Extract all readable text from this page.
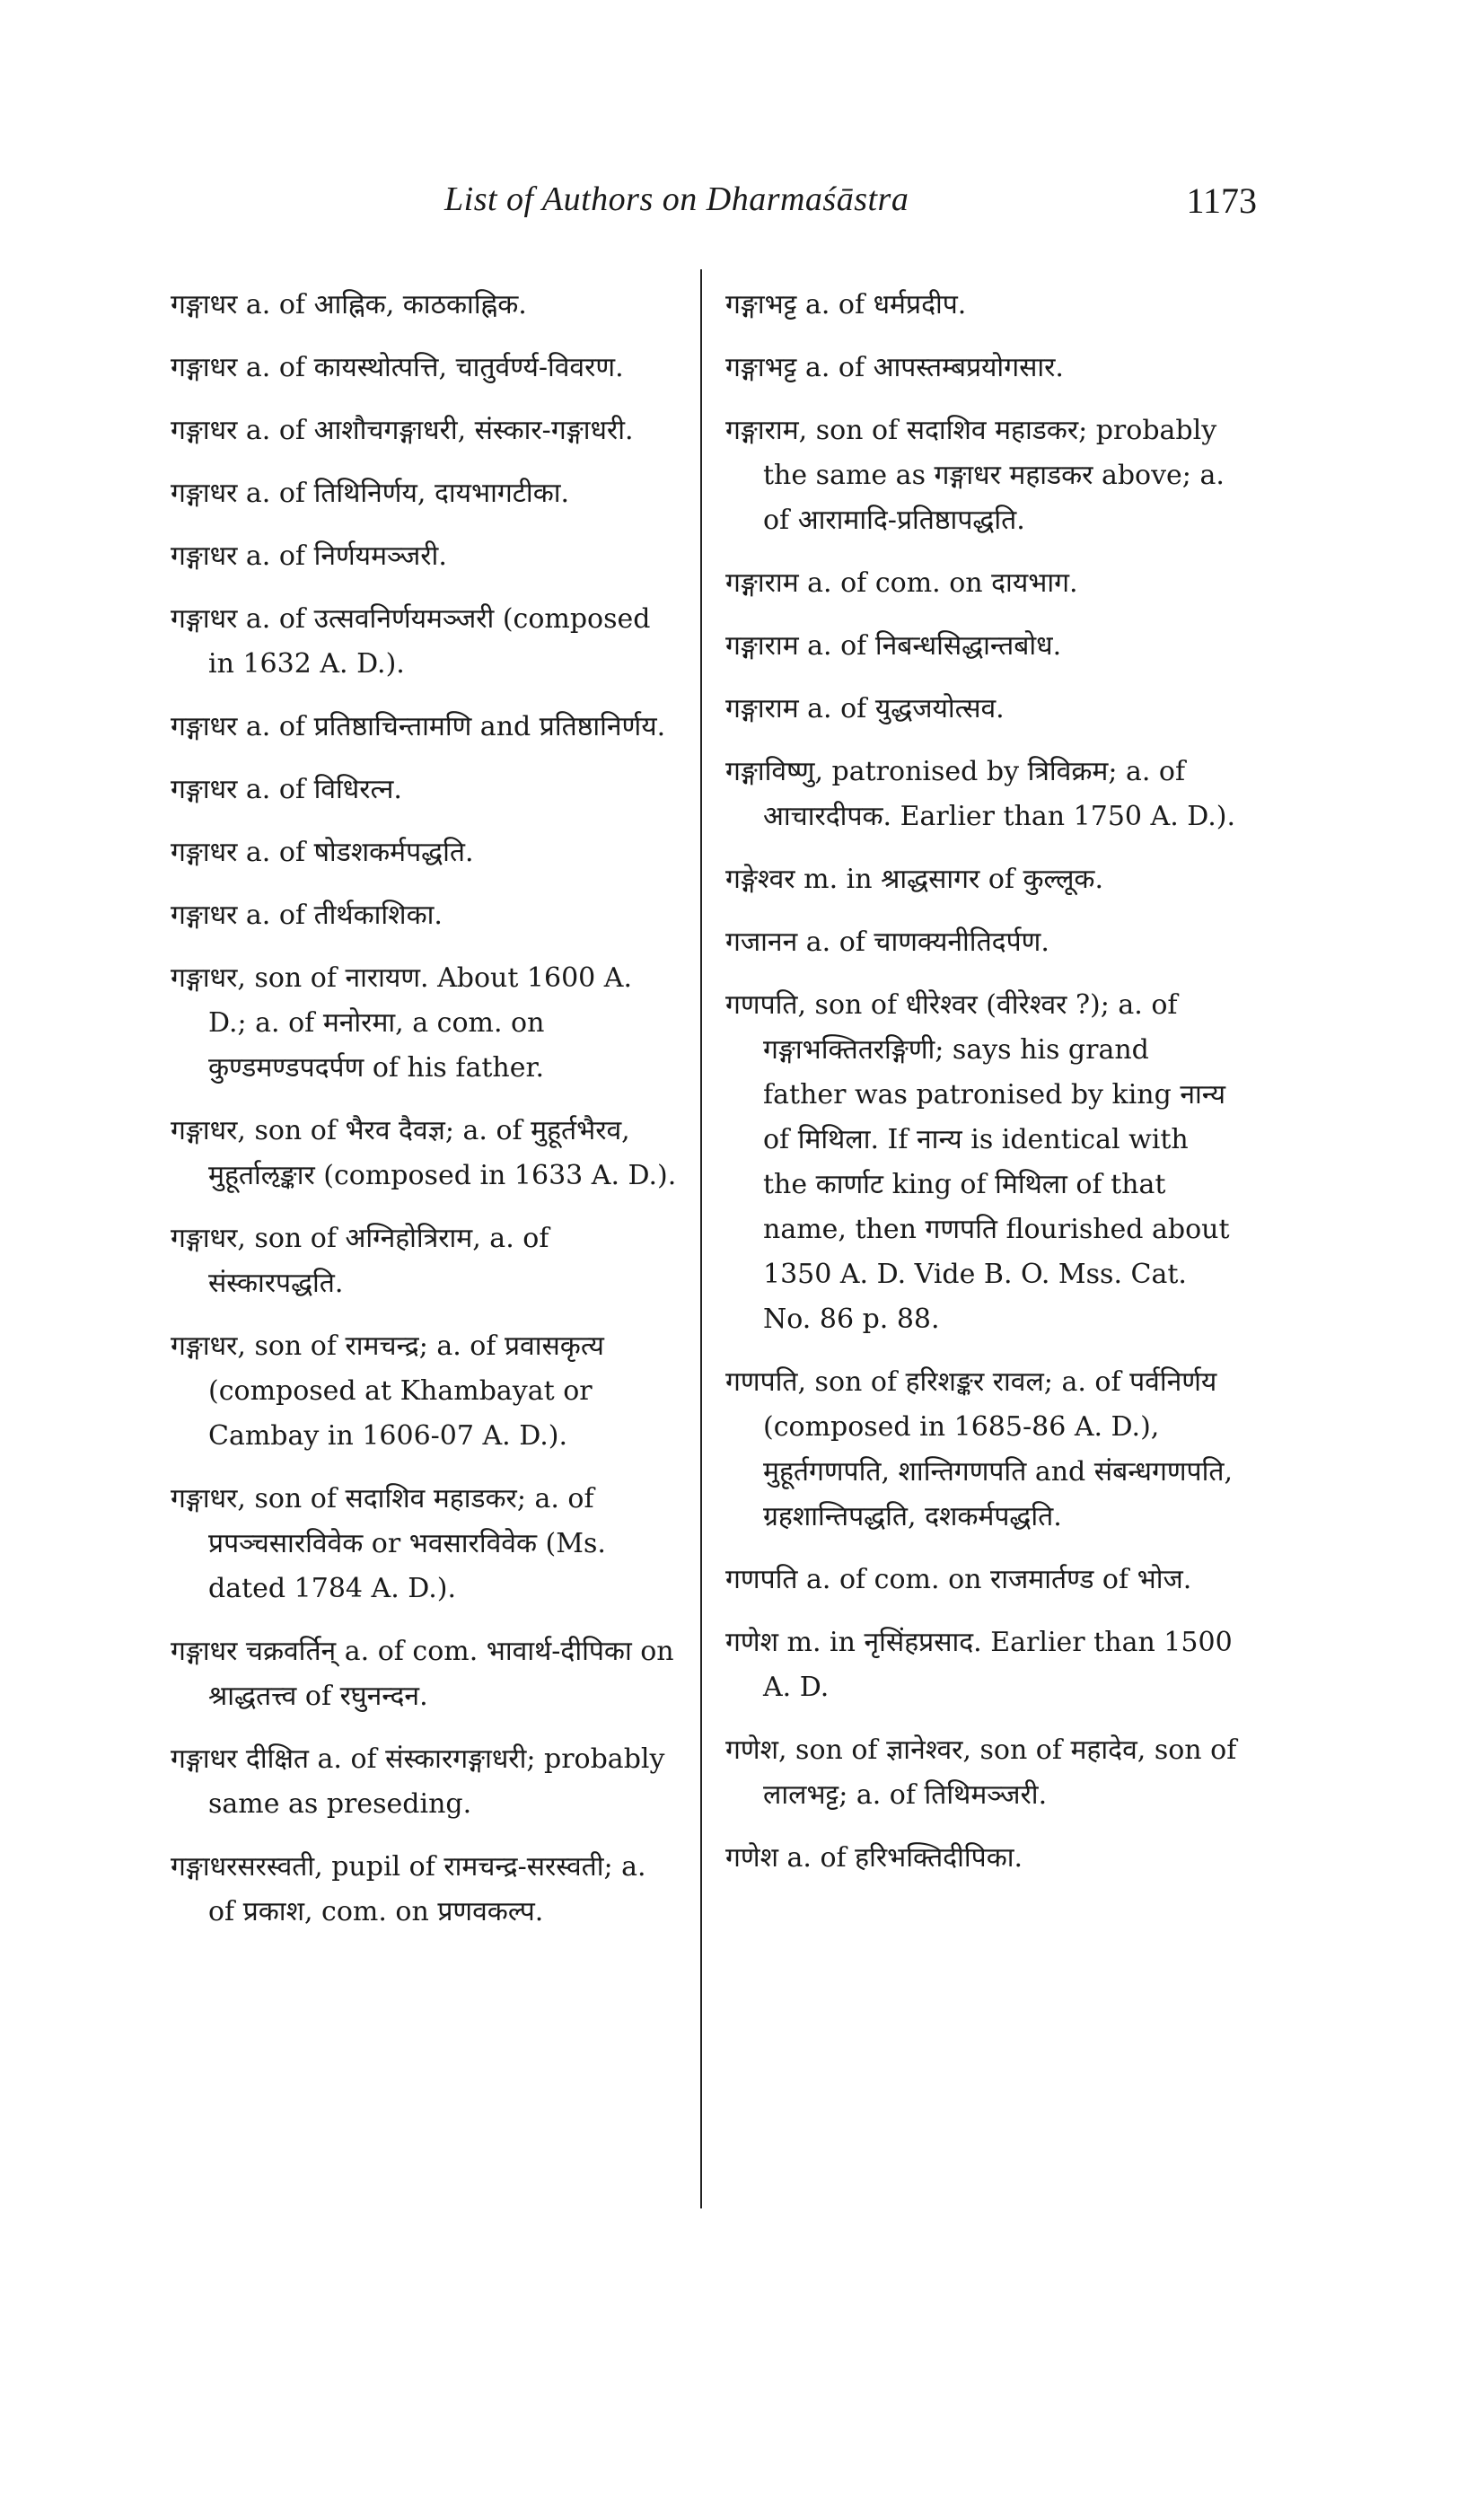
List of Authors on Dharmaśāstra	1173

गङ्गाधर a. of आह्निक, काठकाह्निक.

गङ्गाधर a. of कायस्थोत्पत्ति, चातुर्वर्ण्य-विवरण.

गङ्गाधर a. of आशौचगङ्गाधरी, संस्कार-गङ्गाधरी.

गङ्गाधर a. of तिथिनिर्णय, दायभागटीका.

गङ्गाधर a. of निर्णयमञ्जरी.

गङ्गाधर a. of उत्सवनिर्णयमञ्जरी (composed in 1632 A. D.).

गङ्गाधर a. of प्रतिष्ठाचिन्तामणि and प्रतिष्ठानिर्णय.

गङ्गाधर a. of विधिरत्न.

गङ्गाधर a. of षोडशकर्मपद्धति.

गङ्गाधर a. of तीर्थकाशिका.

गङ्गाधर, son of नारायण. About 1600 A. D.; a. of मनोरमा, a com. on कुण्डमण्डपदर्पण of his father.

गङ्गाधर, son of भैरव दैवज्ञ; a. of मुहूर्तभैरव, मुहूर्ताऌङ्कार (composed in 1633 A. D.).

गङ्गाधर, son of अग्निहोत्रिराम, a. of संस्कारपद्धति.

गङ्गाधर, son of रामचन्द्र; a. of प्रवासकृत्य (composed at Khambayat or Cambay in 1606-07 A. D.).

गङ्गाधर, son of सदाशिव महाडकर; a. of प्रपञ्चसारविवेक or भवसारविवेक (Ms. dated 1784 A. D.).

गङ्गाधर चक्रवर्तिन् a. of com. भावार्थ-दीपिका on श्राद्धतत्त्व of रघुनन्दन.

गङ्गाधर दीक्षित a. of संस्कारगङ्गाधरी; probably same as preseding.

गङ्गाधरसरस्वती, pupil of रामचन्द्र-सरस्वती; a. of प्रकाश, com. on प्रणवकल्प.

गङ्गाभट्ट a. of धर्मप्रदीप.

गङ्गाभट्ट a. of आपस्तम्बप्रयोगसार.

गङ्गाराम, son of सदाशिव महाडकर; probably the same as गङ्गाधर महाडकर above; a. of आरामादि-प्रतिष्ठापद्धति.

गङ्गाराम a. of com. on दायभाग.

गङ्गाराम a. of निबन्धसिद्धान्तबोध.

गङ्गाराम a. of युद्धजयोत्सव.

गङ्गाविष्णु, patronised by त्रिविक्रम; a. of आचारदीपक. Earlier than 1750 A. D.).

गङ्गेश्वर m. in श्राद्धसागर of कुल्लूक.

गजानन a. of चाणक्यनीतिदर्पण.

गणपति, son of धीरेश्वर (वीरेश्वर ?); a. of गङ्गाभक्तितरङ्गिणी; says his grand father was patronised by king नान्य of मिथिला. If नान्य is identical with the कार्णाट king of मिथिला of that name, then गणपति flourished about 1350 A. D. Vide B. O. Mss. Cat. No. 86 p. 88.

गणपति, son of हरिशङ्कर रावल; a. of पर्वनिर्णय (composed in 1685-86 A. D.), मुहूर्तगणपति, शान्तिगणपति and संबन्धगणपति, ग्रहशान्तिपद्धति, दशकर्मपद्धति.

गणपति a. of com. on राजमार्तण्ड of भोज.

गणेश m. in नृसिंहप्रसाद. Earlier than 1500 A. D.

गणेश, son of ज्ञानेश्वर, son of महादेव, son of लालभट्ट; a. of तिथिमञ्जरी.

गणेश a. of हरिभक्तिदीपिका.
